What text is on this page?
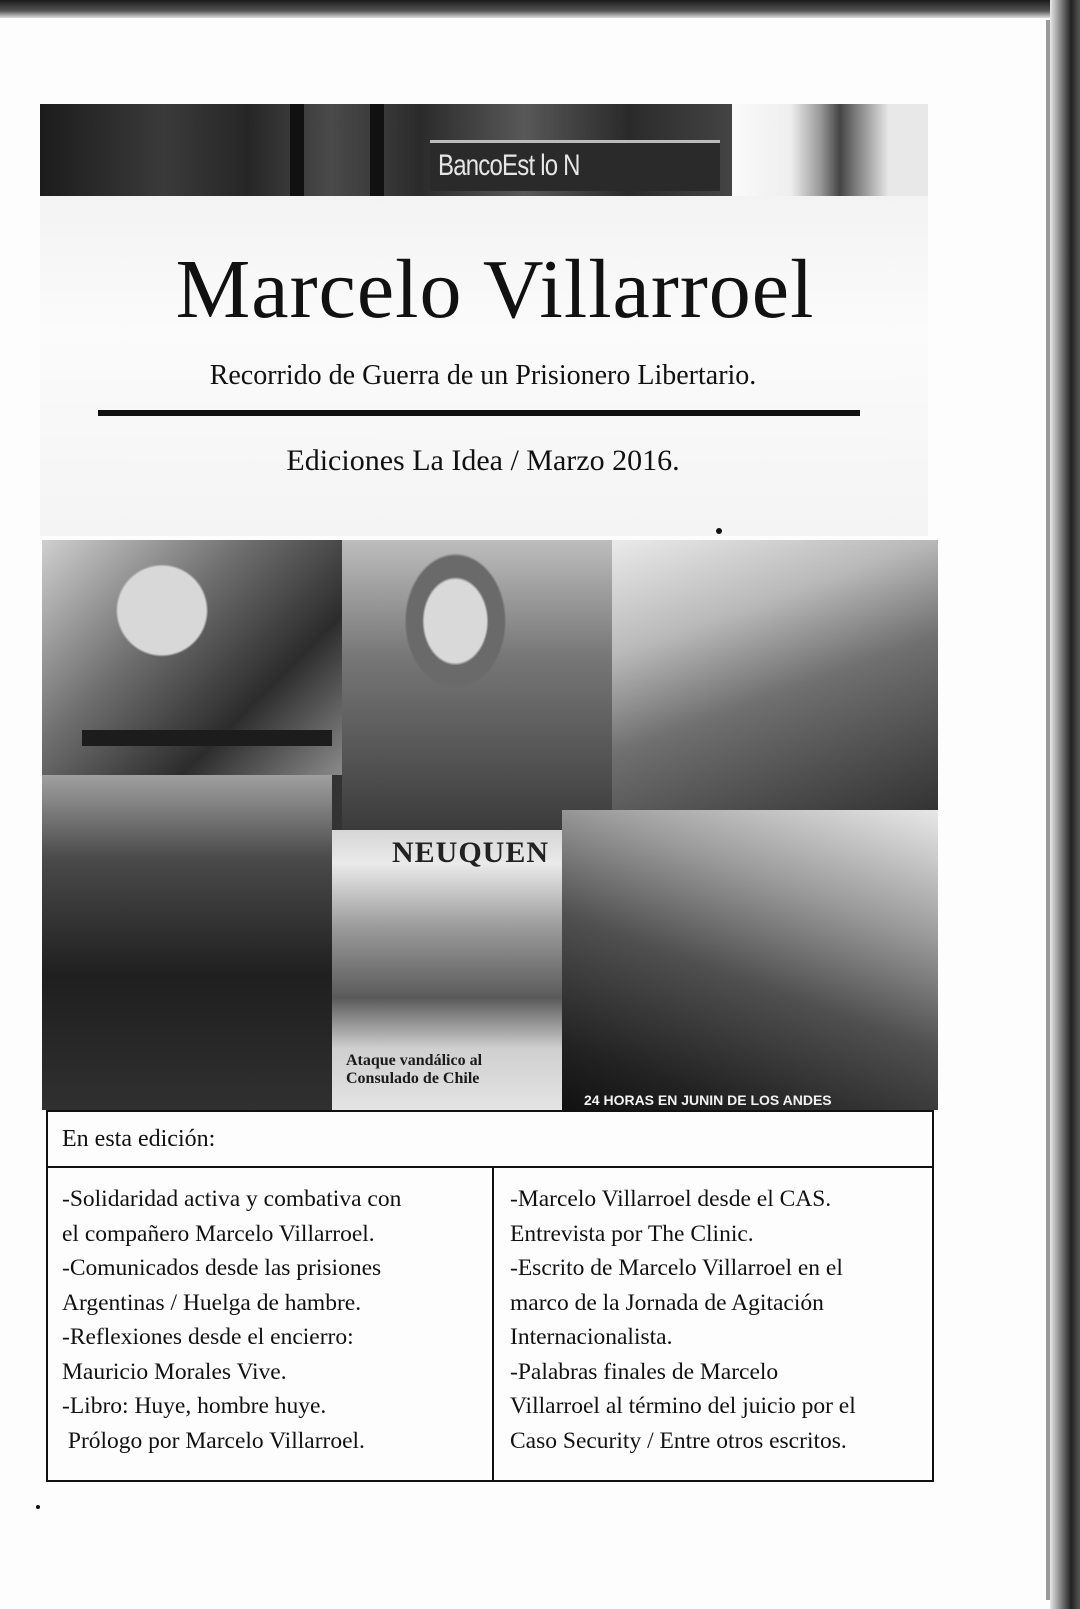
BancoEst lo N
Marcelo Villarroel
Recorrido de Guerra de un Prisionero Libertario.
Ediciones La Idea / Marzo 2016.
NEUQUEN
Ataque vandálico al
Consulado de Chile
24 HORAS EN JUNIN DE LOS ANDES
En esta edición:
-Solidaridad activa y combativa con
el compañero Marcelo Villarroel.
-Comunicados desde las prisiones
Argentinas / Huelga de hambre.
-Reflexiones desde el encierro:
Mauricio Morales Vive.
-Libro: Huye, hombre huye.
Prólogo por Marcelo Villarroel.
-Marcelo Villarroel desde el CAS.
Entrevista por The Clinic.
-Escrito de Marcelo Villarroel en el
marco de la Jornada de Agitación
Internacionalista.
-Palabras finales de Marcelo
Villarroel al término del juicio por el
Caso Security / Entre otros escritos.
